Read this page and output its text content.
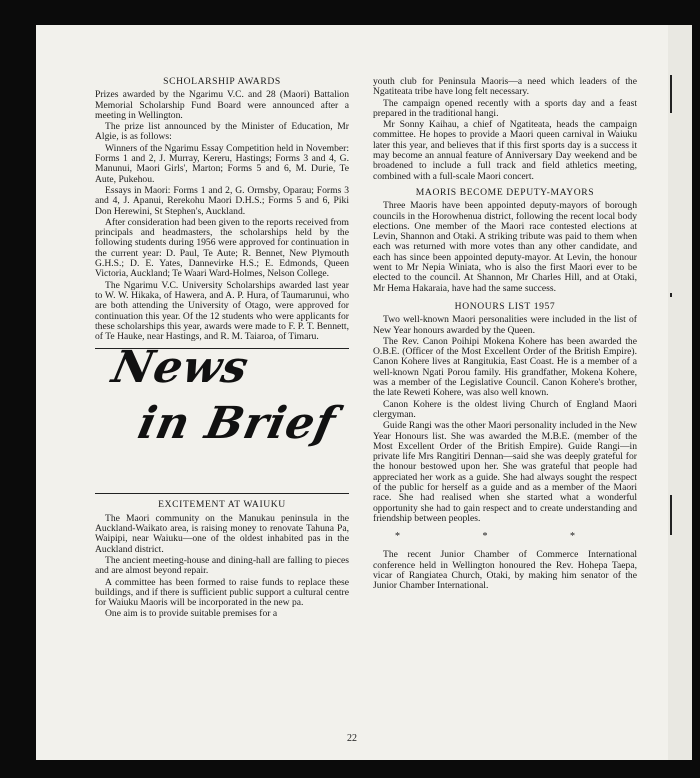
SCHOLARSHIP AWARDS

Prizes awarded by the Ngarimu V.C. and 28 (Maori) Battalion Memorial Scholarship Fund Board were announced after a meeting in Wellington.

The prize list announced by the Minister of Education, Mr Algie, is as follows:

Winners of the Ngarimu Essay Competition held in November: Forms 1 and 2, J. Murray, Kereru, Hastings; Forms 3 and 4, G. Manunui, Maori Girls', Marton; Forms 5 and 6, M. Durie, Te Aute, Pukehou.

Essays in Maori: Forms 1 and 2, G. Ormsby, Oparau; Forms 3 and 4, J. Apanui, Rerekohu Maori D.H.S.; Forms 5 and 6, Piki Don Herewini, St Stephen's, Auckland.

After consideration had been given to the reports received from principals and headmasters, the scholarships held by the following students during 1956 were approved for continuation in the current year: D. Paul, Te Aute; R. Bennet, New Plymouth G.H.S.; D. E. Yates, Dannevirke H.S.; E. Edmonds, Queen Victoria, Auckland; Te Waari Ward-Holmes, Nelson College.

The Ngarimu V.C. University Scholarships awarded last year to W. W. Hikaka, of Hawera, and A. P. Hura, of Taumarunui, who are both attending the University of Otago, were approved for continuation this year. Of the 12 students who were applicants for these scholarships this year, awards were made to F. P. T. Bennett, of Te Hauke, near Hastings, and R. M. Taiaroa, of Timaru.

News
in Brief
EXCITEMENT AT WAIUKU

The Maori community on the Manukau peninsula in the Auckland-Waikato area, is raising money to renovate Tahuna Pa, Waipipi, near Waiuku—one of the oldest inhabited pas in the Auckland district.

The ancient meeting-house and dining-hall are falling to pieces and are almost beyond repair.

A committee has been formed to raise funds to replace these buildings, and if there is sufficient public support a cultural centre for Waiuku Maoris will be incorporated in the new pa.

One aim is to provide suitable premises for a

youth club for Peninsula Maoris—a need which leaders of the Ngatiteata tribe have long felt necessary.

The campaign opened recently with a sports day and a feast prepared in the traditional hangi.

Mr Sonny Kaihau, a chief of Ngatiteata, heads the campaign committee. He hopes to provide a Maori queen carnival in Waiuku later this year, and believes that if this first sports day is a success it may become an annual feature of Anniversary Day weekend and be broadened to include a full track and field athletics meeting, combined with a full-scale Maori concert.

MAORIS BECOME DEPUTY-MAYORS

Three Maoris have been appointed deputy-mayors of borough councils in the Horowhenua district, following the recent local body elections. One member of the Maori race contested elections at Levin, Shannon and Otaki. A striking tribute was paid to them when each was returned with more votes than any other candidate, and each has since been appointed deputy-mayor. At Levin, the honour went to Mr Nepia Winiata, who is also the first Maori ever to be elected to the council. At Shannon, Mr Charles Hill, and at Otaki, Mr Hema Hakaraia, have had the same success.

HONOURS LIST 1957

Two well-known Maori personalities were included in the list of New Year honours awarded by the Queen.

The Rev. Canon Poihipi Mokena Kohere has been awarded the O.B.E. (Officer of the Most Excellent Order of the British Empire). Canon Kohere lives at Rangitukia, East Coast. He is a member of a well-known Ngati Porou family. His grandfather, Mokena Kohere, was a member of the Legislative Council. Canon Kohere's brother, the late Reweti Kohere, was also well known.

Canon Kohere is the oldest living Church of England Maori clergyman.

Guide Rangi was the other Maori personality included in the New Year Honours list. She was awarded the M.B.E. (member of the Most Excellent Order of the British Empire). Guide Rangi—in private life Mrs Rangitiri Dennan—said she was deeply grateful for the honour bestowed upon her. She was grateful that people had appreciated her work as a guide. She had always sought the respect of the public for herself as a guide and as a member of the Maori race. She had realised when she started what a wonderful opportunity she had to gain respect and to create understanding and friendship between peoples.

* * *

The recent Junior Chamber of Commerce International conference held in Wellington honoured the Rev. Hohepa Taepa, vicar of Rangiatea Church, Otaki, by making him senator of the Junior Chamber International.

22
